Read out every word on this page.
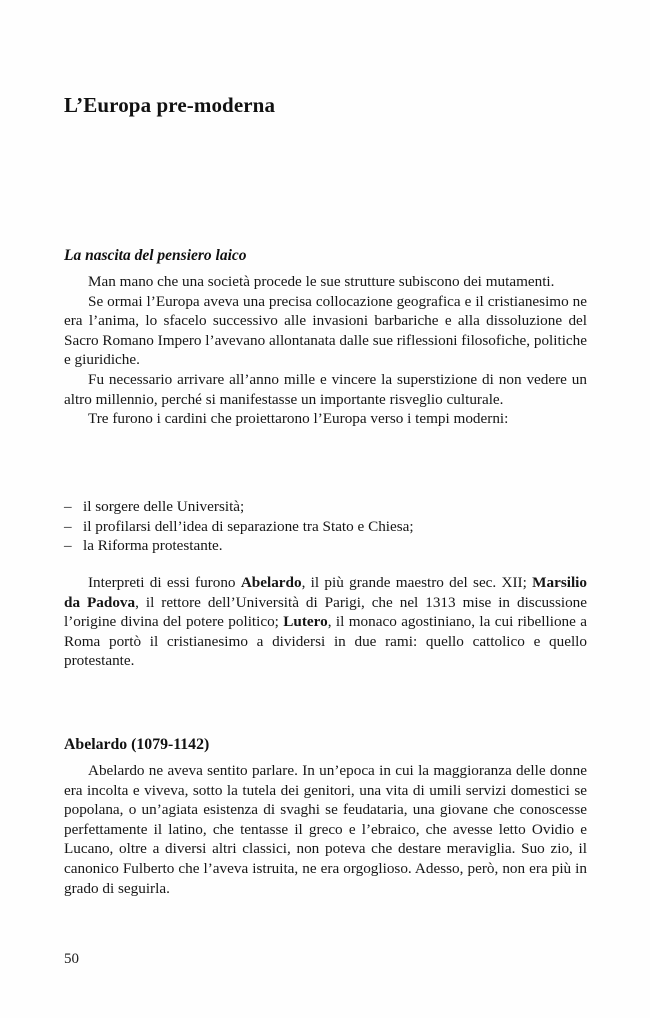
L’Europa pre-moderna
La nascita del pensiero laico

Man mano che una società procede le sue strutture subiscono dei mutamenti.

Se ormai l’Europa aveva una precisa collocazione geografica e il cristianesimo ne era l’anima, lo sfacelo successivo alle invasioni barbariche e alla dissoluzione del Sacro Romano Impero l’avevano allontanata dalle sue riflessioni filosofiche, politiche e giuridiche.

Fu necessario arrivare all’anno mille e vincere la superstizione di non vedere un altro millennio, perché si manifestasse un importante risveglio culturale.

Tre furono i cardini che proiettarono l’Europa verso i tempi moderni:

– il sorgere delle Università;
– il profilarsi dell’idea di separazione tra Stato e Chiesa;
– la Riforma protestante.

Interpreti di essi furono Abelardo, il più grande maestro del sec. XII; Marsilio da Padova, il rettore dell’Università di Parigi, che nel 1313 mise in discussione l’origine divina del potere politico; Lutero, il monaco agostiniano, la cui ribellione a Roma portò il cristianesimo a dividersi in due rami: quello cattolico e quello protestante.

Abelardo (1079-1142)

Abelardo ne aveva sentito parlare. In un’epoca in cui la maggioranza delle donne era incolta e viveva, sotto la tutela dei genitori, una vita di umili servizi domestici se popolana, o un’agiata esistenza di svaghi se feudataria, una giovane che conoscesse perfettamente il latino, che tentasse il greco e l’ebraico, che avesse letto Ovidio e Lucano, oltre a diversi altri classici, non poteva che destare meraviglia. Suo zio, il canonico Fulberto che l’aveva istruita, ne era orgoglioso. Adesso, però, non era più in grado di seguirla.

50
